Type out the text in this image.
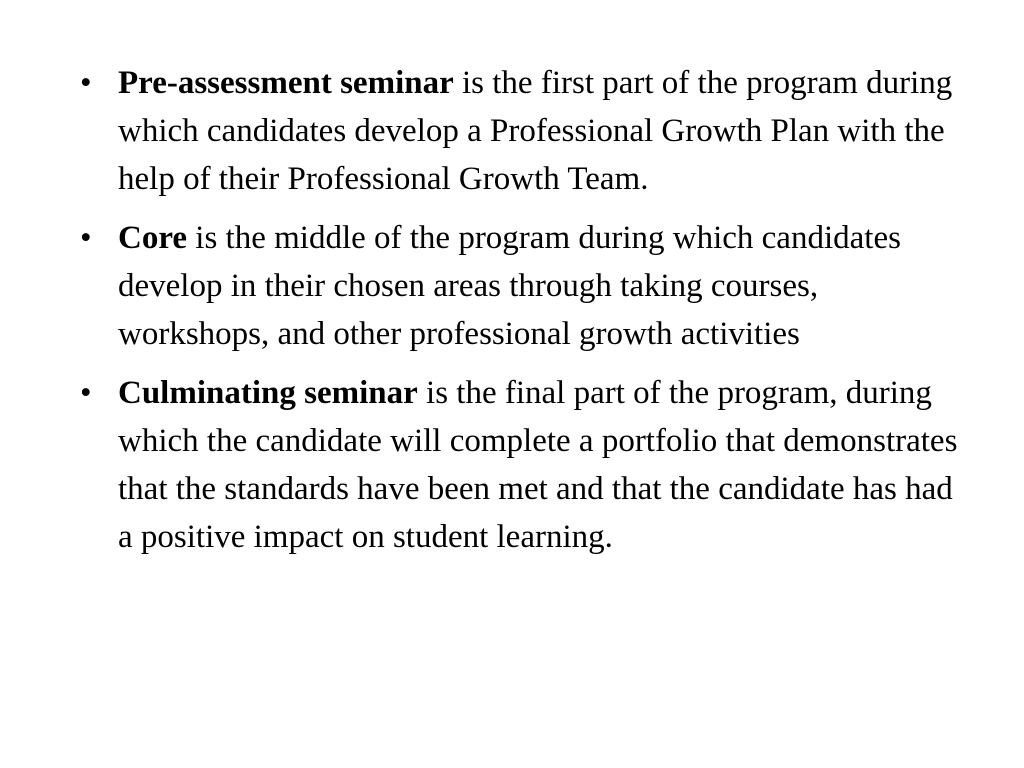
• Pre-assessment seminar is the first part of the program during which candidates develop a Professional Growth Plan with the help of their Professional Growth Team.
• Core is the middle of the program during which candidates develop in their chosen areas through taking courses, workshops, and other professional growth activities
• Culminating seminar is the final part of the program, during which the candidate will complete a portfolio that demonstrates that the standards have been met and that the candidate has had a positive impact on student learning.
